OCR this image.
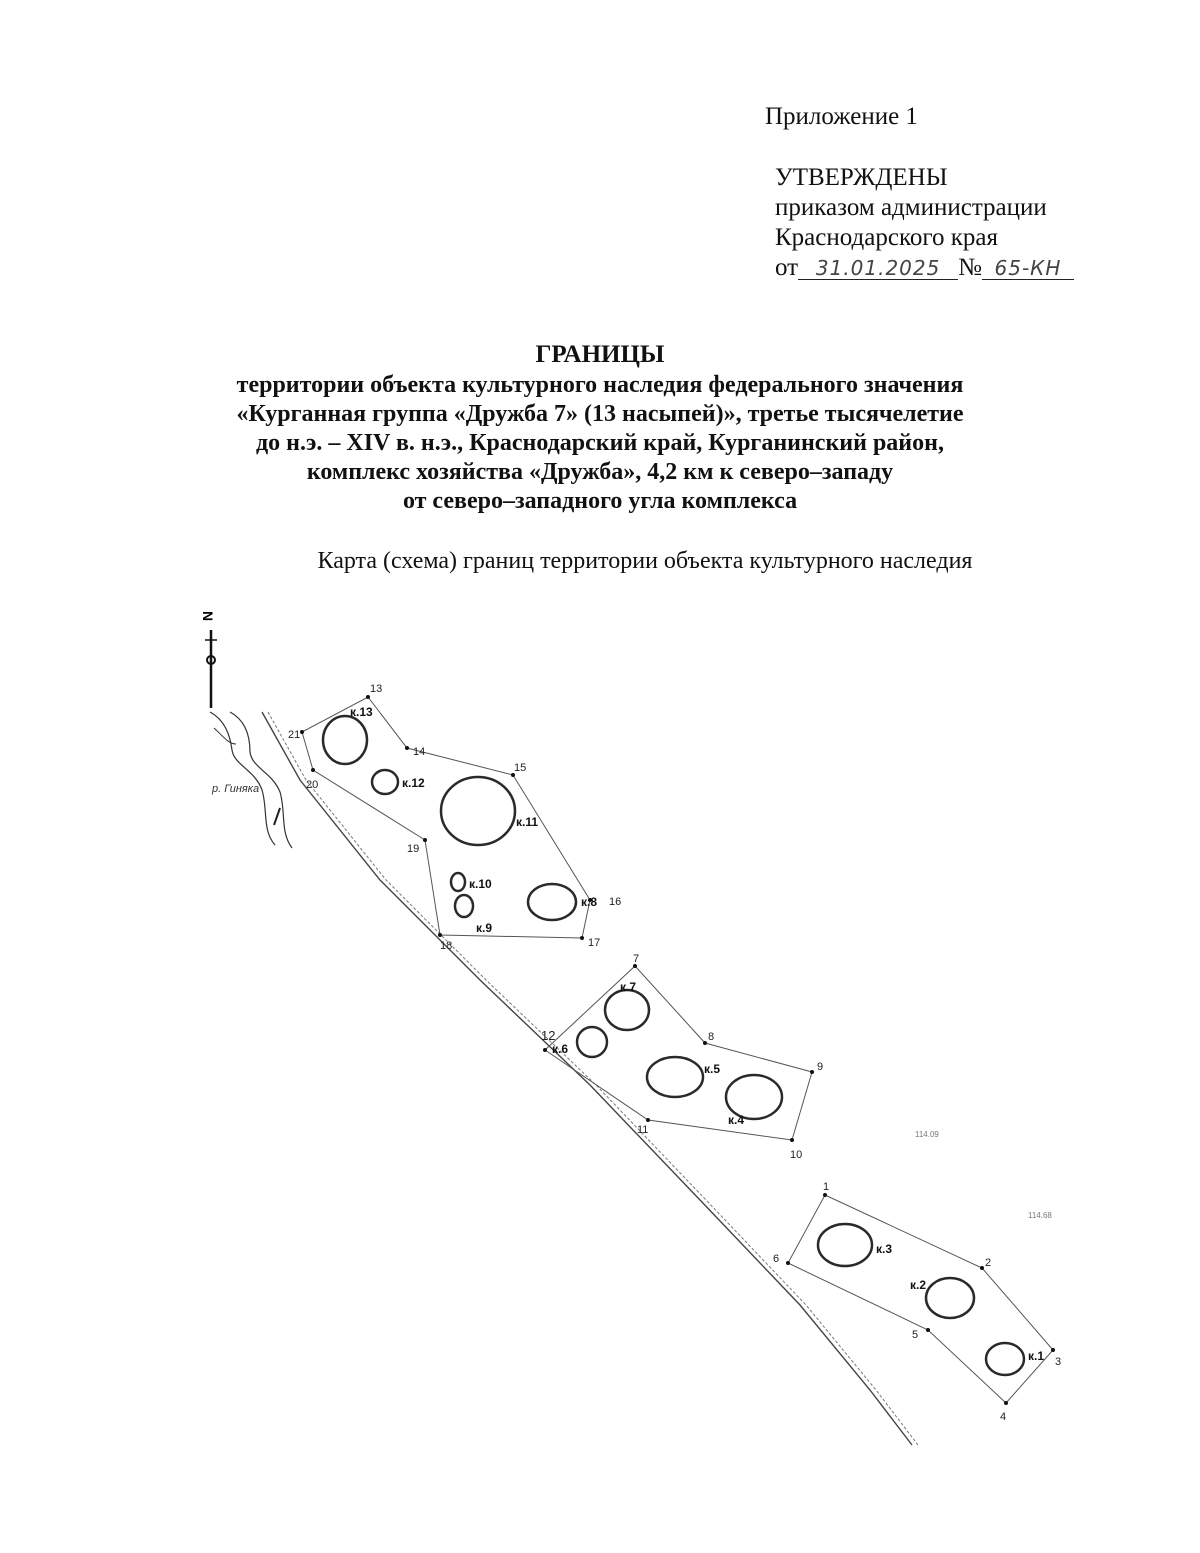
Приложение 1
УТВЕРЖДЕНЫ
приказом администрации
Краснодарского края
от 31.01.2025 № 65-КН
ГРАНИЦЫ
территории объекта культурного наследия федерального значения
«Курганная группа «Дружба 7» (13 насыпей)», третье тысячелетие
до н.э. – XIV в. н.э., Краснодарский край, Курганинский район,
комплекс хозяйства «Дружба», 4,2 км к северо–западу
от северо–западного угла комплекса
Карта (схема) границ территории объекта культурного наследия
N
р. Гиняка
1
2
3
4
5
6
7
8
9
10
11
12
13
14
15
16
17
18
19
20
21
к.1
к.2
к.3
к.4
к.5
к.6
к.7
к.8
к.9
к.10
к.11
к.12
к.13
114.09
114.68
